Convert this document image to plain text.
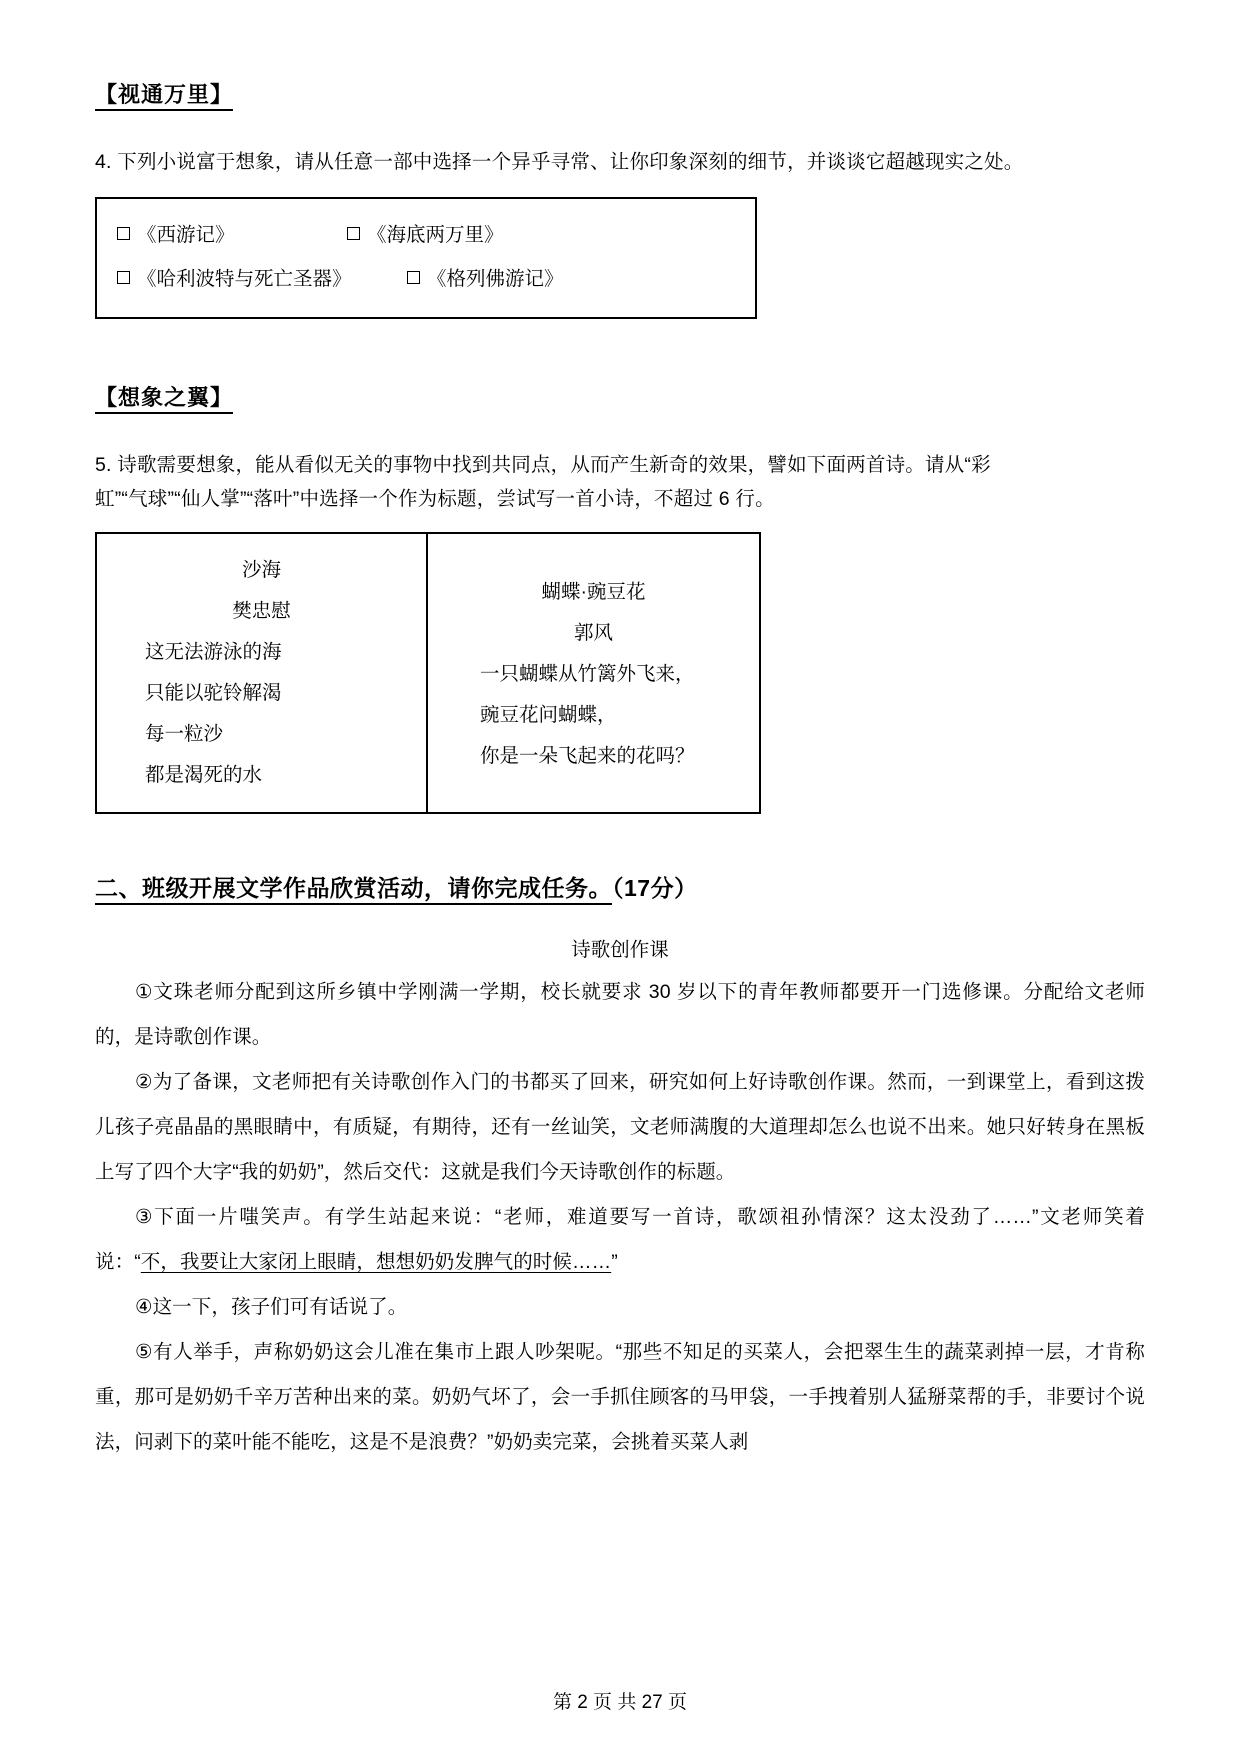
【视通万里】

4. 下列小说富于想象，请从任意一部中选择一个异乎寻常、让你印象深刻的细节，并谈谈它超越现实之处。

《西游记》	《海底两万里》
《哈利波特与死亡圣器》	《格列佛游记》
【想象之翼】

5. 诗歌需要想象，能从看似无关的事物中找到共同点，从而产生新奇的效果，譬如下面两首诗。请从“彩

虹”“气球”“仙人掌”“落叶”中选择一个作为标题，尝试写一首小诗，不超过 6 行。

沙海
樊忠慰
这无法游泳的海
只能以驼铃解渴
每一粒沙
都是渴死的水
蝴蝶·豌豆花
郭风
一只蝴蝶从竹篱外飞来，
豌豆花问蝴蝶，
你是一朵飞起来的花吗？
二、班级开展文学作品欣赏活动，请你完成任务。（17分）

诗歌创作课

①文珠老师分配到这所乡镇中学刚满一学期，校长就要求 30 岁以下的青年教师都要开一门选修课。分配给文老师的，是诗歌创作课。

②为了备课，文老师把有关诗歌创作入门的书都买了回来，研究如何上好诗歌创作课。然而，一到课堂上，看到这拨儿孩子亮晶晶的黑眼睛中，有质疑，有期待，还有一丝讪笑，文老师满腹的大道理却怎么也说不出来。她只好转身在黑板上写了四个大字“我的奶奶”，然后交代：这就是我们今天诗歌创作的标题。

③下面一片嗤笑声。有学生站起来说：“老师，难道要写一首诗，歌颂祖孙情深？这太没劲了……”文老师笑着说：“不，我要让大家闭上眼睛，想想奶奶发脾气的时候……”

④这一下，孩子们可有话说了。

⑤有人举手，声称奶奶这会儿准在集市上跟人吵架呢。“那些不知足的买菜人，会把翠生生的蔬菜剥掉一层，才肯称重，那可是奶奶千辛万苦种出来的菜。奶奶气坏了，会一手抓住顾客的马甲袋，一手拽着别人猛掰菜帮的手，非要讨个说法，问剥下的菜叶能不能吃，这是不是浪费？”奶奶卖完菜，会挑着买菜人剥

第 2 页 共 27 页
